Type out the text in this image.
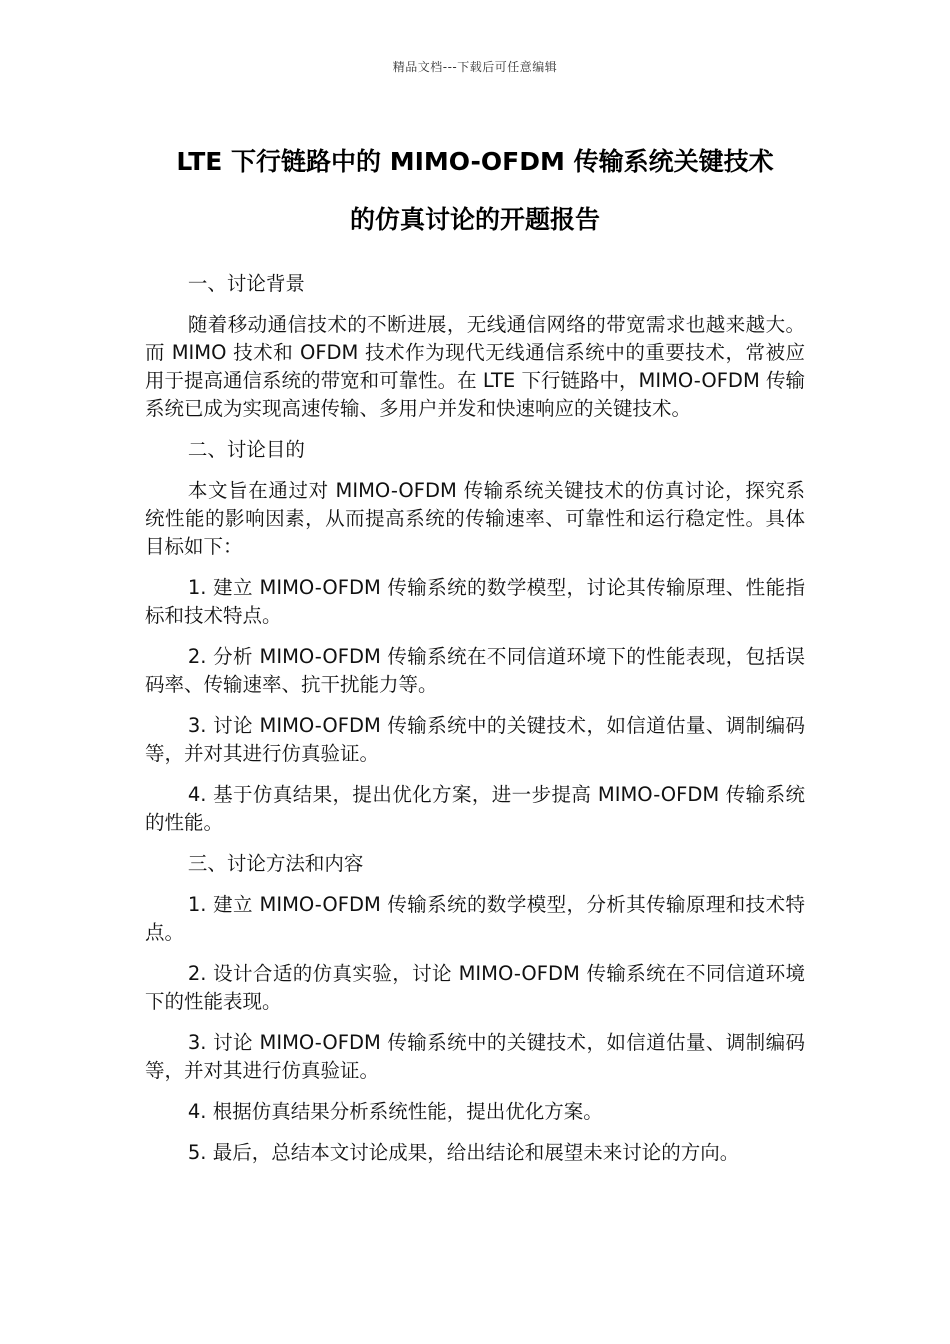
精品文档---下载后可任意编辑
LTE 下行链路中的 MIMO-OFDM 传输系统关键技术
的仿真讨论的开题报告

一、讨论背景

随着移动通信技术的不断进展，无线通信网络的带宽需求也越来越大。而 MIMO 技术和 OFDM 技术作为现代无线通信系统中的重要技术，常被应用于提高通信系统的带宽和可靠性。在 LTE 下行链路中，MIMO-OFDM 传输系统已成为实现高速传输、多用户并发和快速响应的关键技术。

二、讨论目的

本文旨在通过对 MIMO-OFDM 传输系统关键技术的仿真讨论，探究系统性能的影响因素，从而提高系统的传输速率、可靠性和运行稳定性。具体目标如下：

1. 建立 MIMO-OFDM 传输系统的数学模型，讨论其传输原理、性能指标和技术特点。

2. 分析 MIMO-OFDM 传输系统在不同信道环境下的性能表现，包括误码率、传输速率、抗干扰能力等。

3. 讨论 MIMO-OFDM 传输系统中的关键技术，如信道估量、调制编码等，并对其进行仿真验证。

4. 基于仿真结果，提出优化方案，进一步提高 MIMO-OFDM 传输系统的性能。

三、讨论方法和内容

1. 建立 MIMO-OFDM 传输系统的数学模型，分析其传输原理和技术特点。

2. 设计合适的仿真实验，讨论 MIMO-OFDM 传输系统在不同信道环境下的性能表现。

3. 讨论 MIMO-OFDM 传输系统中的关键技术，如信道估量、调制编码等，并对其进行仿真验证。

4. 根据仿真结果分析系统性能，提出优化方案。

5. 最后，总结本文讨论成果，给出结论和展望未来讨论的方向。
